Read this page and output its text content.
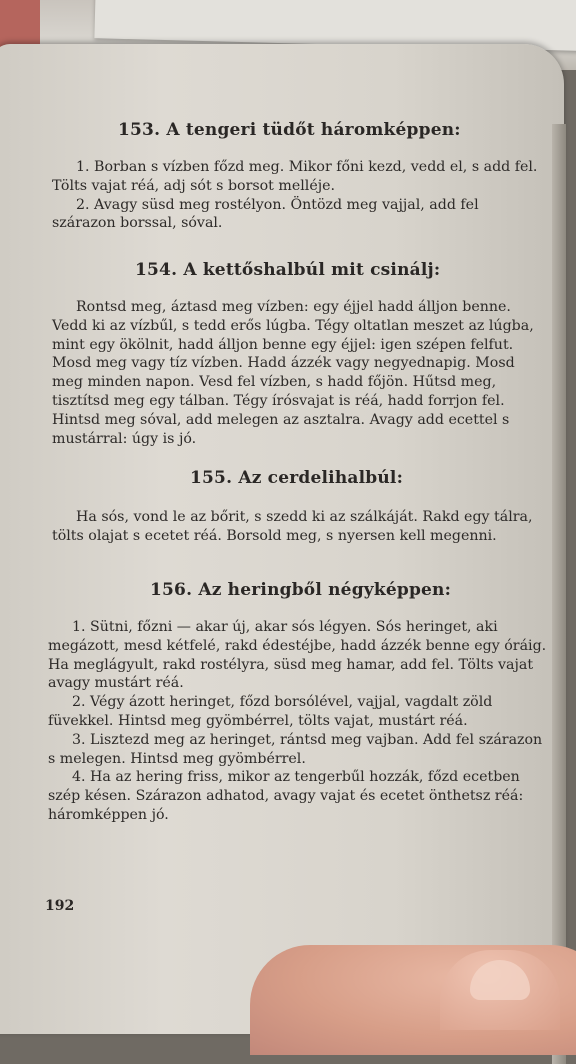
153. A tengeri tüdőt háromképpen:

1. Borban s vízben főzd meg. Mikor főni kezd, vedd el, s add fel. Tölts vajat réá, adj sót s borsot melléje.

2. Avagy süsd meg rostélyon. Öntözd meg vajjal, add fel szárazon borssal, sóval.

154. A kettőshalbúl mit csinálj:

Rontsd meg, áztasd meg vízben: egy éjjel hadd álljon benne. Vedd ki az vízbűl, s tedd erős lúgba. Tégy oltatlan meszet az lúgba, mint egy ökölnit, hadd álljon benne egy éjjel: igen szépen felfut. Mosd meg vagy tíz vízben. Hadd ázzék vagy negyednapig. Mosd meg minden napon. Vesd fel vízben, s hadd főjön. Hűtsd meg, tisztítsd meg egy tálban. Tégy írósvajat is réá, hadd forrjon fel. Hintsd meg sóval, add melegen az asztalra. Avagy add ecettel s mustárral: úgy is jó.

155. Az cerdelihalbúl:

Ha sós, vond le az bőrit, s szedd ki az szálkáját. Rakd egy tálra, tölts olajat s ecetet réá. Borsold meg, s nyersen kell megenni.

156. Az heringből négyképpen:

1. Sütni, főzni — akar új, akar sós légyen. Sós heringet, aki megázott, mesd kétfelé, rakd édestéjbe, hadd ázzék benne egy óráig. Ha meglágyult, rakd rostélyra, süsd meg hamar, add fel. Tölts vajat avagy mustárt réá.

2. Végy ázott heringet, főzd borsólével, vajjal, vagdalt zöld füvekkel. Hintsd meg gyömbérrel, tölts vajat, mustárt réá.

3. Lisztezd meg az heringet, rántsd meg vajban. Add fel szárazon s melegen. Hintsd meg gyömbérrel.

4. Ha az hering friss, mikor az tengerbűl hozzák, főzd ecetben szép késen. Szárazon adhatod, avagy vajat és ecetet önthetsz réá: háromképpen jó.

192
